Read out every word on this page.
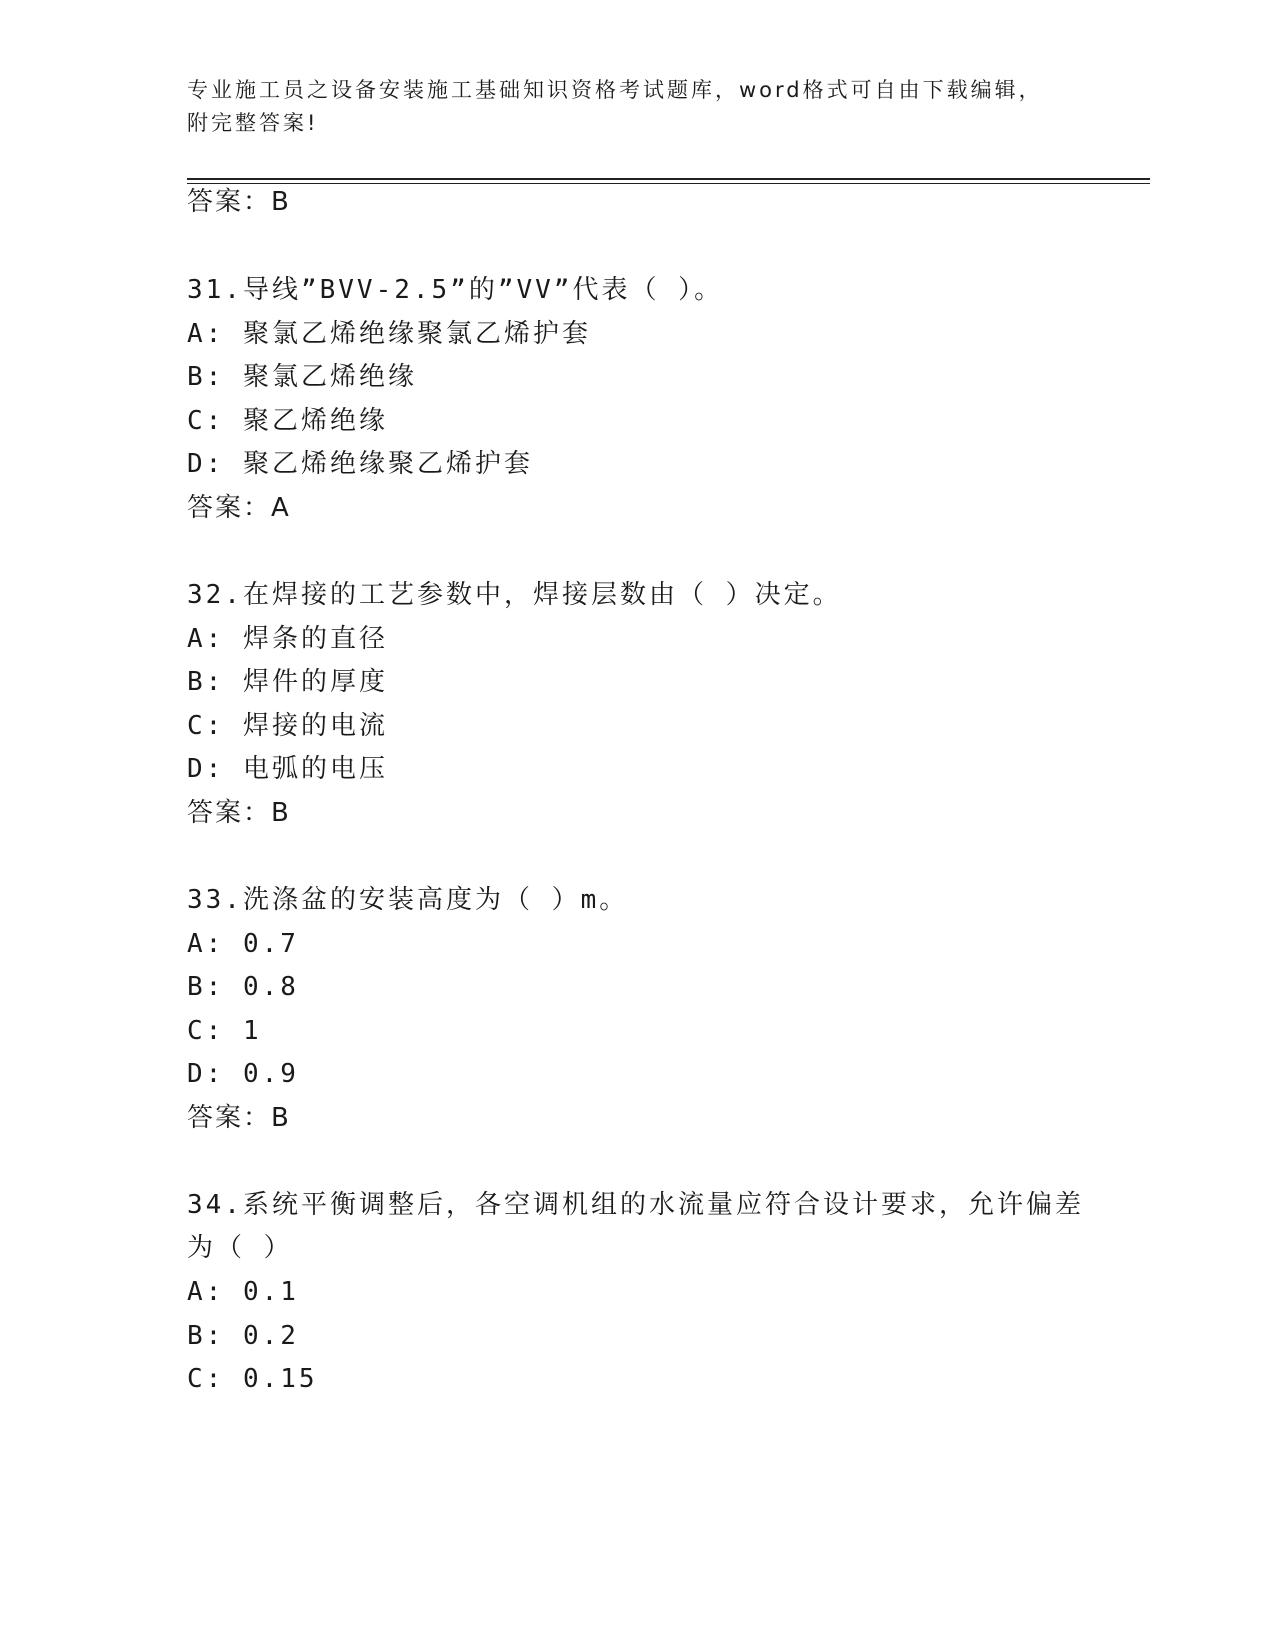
专业施工员之设备安装施工基础知识资格考试题库，word格式可自由下载编辑，
附完整答案!
答案：B
31.导线”BVV-2.5”的”VV”代表（ ）。
A: 聚氯乙烯绝缘聚氯乙烯护套
B: 聚氯乙烯绝缘
C: 聚乙烯绝缘
D: 聚乙烯绝缘聚乙烯护套
答案：A
32.在焊接的工艺参数中，焊接层数由（ ）决定。
A: 焊条的直径
B: 焊件的厚度
C: 焊接的电流
D: 电弧的电压
答案：B
33.洗涤盆的安装高度为（ ）m。
A: 0.7
B: 0.8
C: 1
D: 0.9
答案：B
34.系统平衡调整后，各空调机组的水流量应符合设计要求，允许偏差
为（ ）
A: 0.1
B: 0.2
C: 0.15
